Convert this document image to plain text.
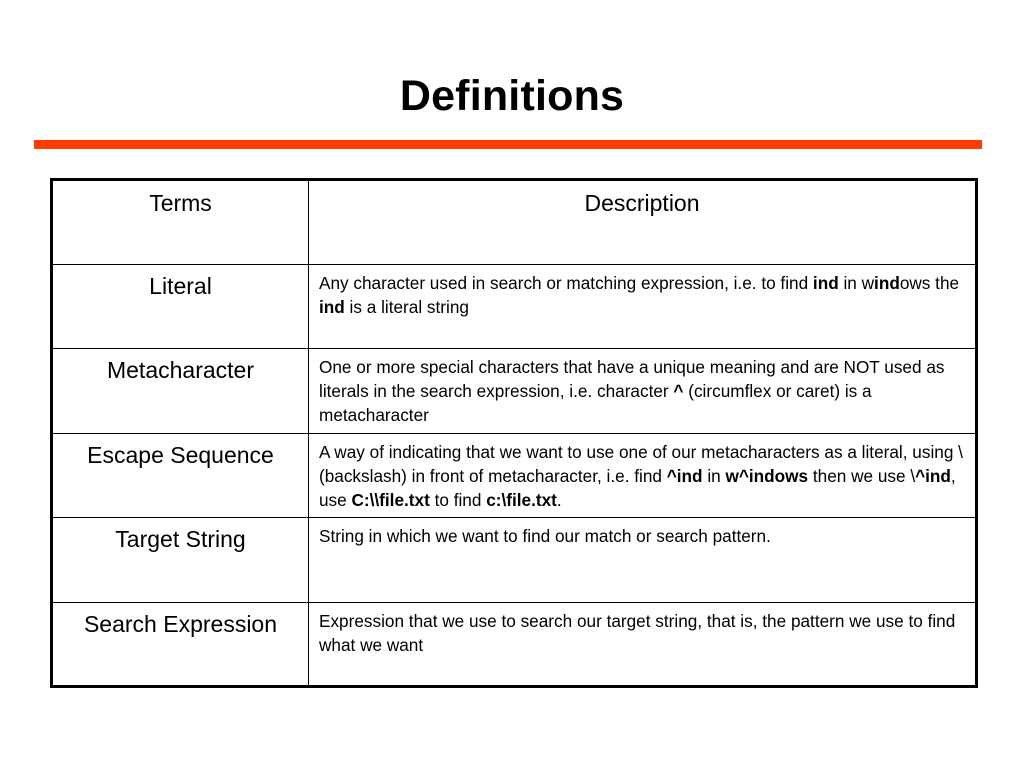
Definitions
Terms	Description
Literal	Any character used in search or matching expression, i.e. to find ind in windows the ind is a literal string
Metacharacter	One or more special characters that have a unique meaning and are NOT used as literals in the search expression, i.e. character ^ (circumflex or caret) is a metacharacter
Escape Sequence	A way of indicating that we want to use one of our metacharacters as a literal, using \ (backslash) in front of metacharacter, i.e. find ^ind in w^indows then we use \^ind, use C:\\file.txt to find c:\file.txt.
Target String	String in which we want to find our match or search pattern.
Search Expression	Expression that we use to search our target string, that is, the pattern we use to find what we want
